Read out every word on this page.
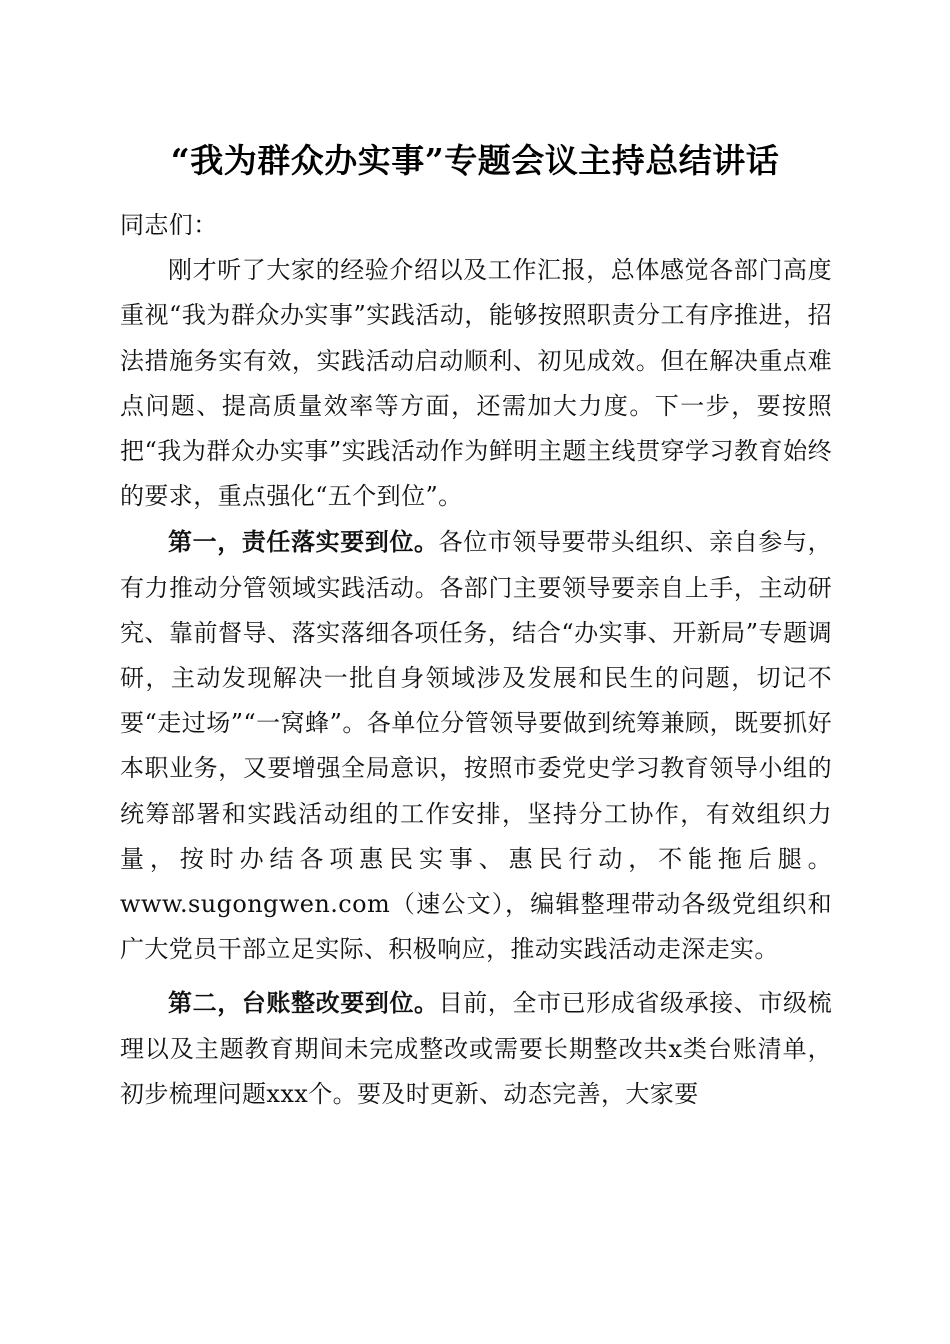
“我为群众办实事”专题会议主持总结讲话

同志们：

刚才听了大家的经验介绍以及工作汇报，总体感觉各部门高度重视“我为群众办实事”实践活动，能够按照职责分工有序推进，招法措施务实有效，实践活动启动顺利、初见成效。但在解决重点难点问题、提高质量效率等方面，还需加大力度。下一步，要按照把“我为群众办实事”实践活动作为鲜明主题主线贯穿学习教育始终的要求，重点强化“五个到位”。

第一，责任落实要到位。各位市领导要带头组织、亲自参与，有力推动分管领域实践活动。各部门主要领导要亲自上手，主动研究、靠前督导、落实落细各项任务，结合“办实事、开新局”专题调研，主动发现解决一批自身领域涉及发展和民生的问题，切记不要“走过场”“一窝蜂”。各单位分管领导要做到统筹兼顾，既要抓好本职业务，又要增强全局意识，按照市委党史学习教育领导小组的统筹部署和实践活动组的工作安排，坚持分工协作，有效组织力量，按时办结各项惠民实事、惠民行动，不能拖后腿。www.sugongwen.com（速公文），编辑整理带动各级党组织和广大党员干部立足实际、积极响应，推动实践活动走深走实。

第二，台账整改要到位。目前，全市已形成省级承接、市级梳理以及主题教育期间未完成整改或需要长期整改共x类台账清单，初步梳理问题xxx个。要及时更新、动态完善，大家要
